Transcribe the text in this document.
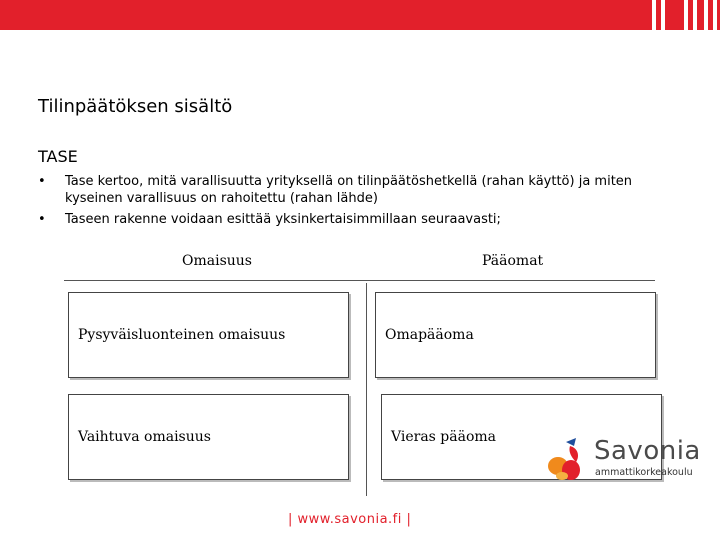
Tilinpäätöksen sisältö
TASE
• Tase kertoo, mitä varallisuutta yrityksellä on tilinpäätöshetkellä (rahan käyttö) ja miten kyseinen varallisuus on rahoitettu (rahan lähde)
• Taseen rakenne voidaan esittää yksinkertaisimmillaan seuraavasti;
Omaisuus	Pääomat
Pysyväisluonteinen omaisuus
Vaihtuva omaisuus
Omapääoma
Vieras pääoma
| www.savonia.fi |
Savonia
ammattikorkeakoulu
